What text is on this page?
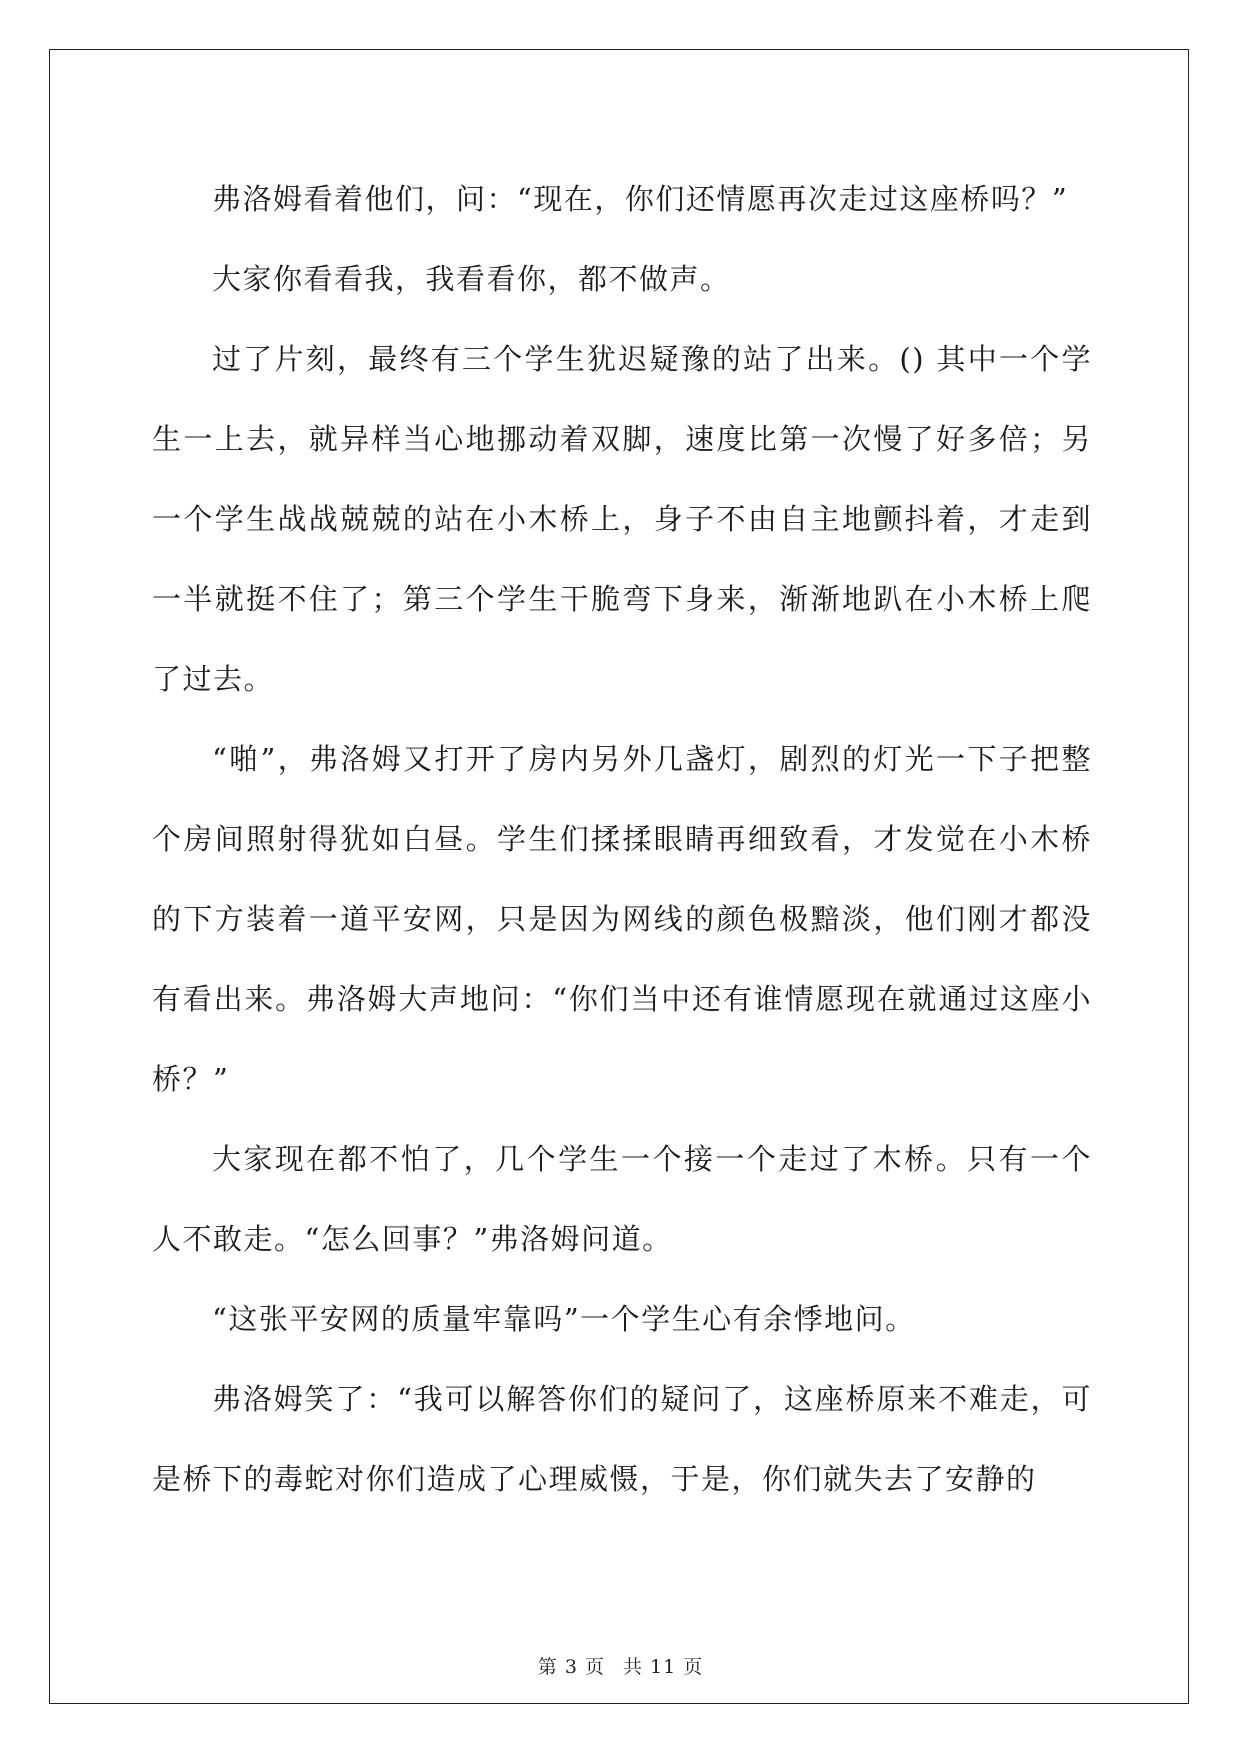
弗洛姆看着他们，问：“现在，你们还情愿再次走过这座桥吗？”

大家你看看我，我看看你，都不做声。

过了片刻，最终有三个学生犹迟疑豫的站了出来。() 其中一个学生一上去，就异样当心地挪动着双脚，速度比第一次慢了好多倍；另一个学生战战兢兢的站在小木桥上，身子不由自主地颤抖着，才走到一半就挺不住了；第三个学生干脆弯下身来，渐渐地趴在小木桥上爬了过去。

“啪”，弗洛姆又打开了房内另外几盏灯，剧烈的灯光一下子把整个房间照射得犹如白昼。学生们揉揉眼睛再细致看，才发觉在小木桥的下方装着一道平安网，只是因为网线的颜色极黯淡，他们刚才都没有看出来。弗洛姆大声地问：“你们当中还有谁情愿现在就通过这座小桥？”

大家现在都不怕了，几个学生一个接一个走过了木桥。只有一个人不敢走。“怎么回事？”弗洛姆问道。

“这张平安网的质量牢靠吗”一个学生心有余悸地问。

弗洛姆笑了：“我可以解答你们的疑问了，这座桥原来不难走，可是桥下的毒蛇对你们造成了心理威慑，于是，你们就失去了安静的

第 3 页 共 11 页
